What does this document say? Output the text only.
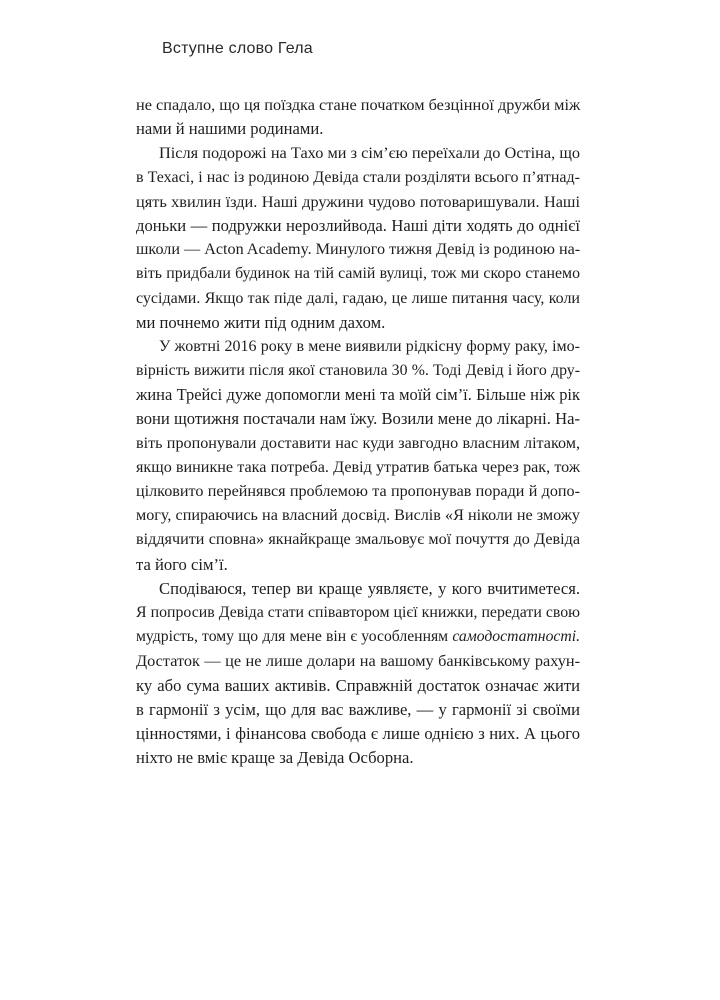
Вступне слово Гела
не спадало, що ця поїздка стане початком безцінної дружби між
нами й нашими родинами.
Після подорожі на Тахо ми з сім’єю переїхали до Остіна, що
в Техасі, і нас із родиною Девіда стали розділяти всього п’ятнад-
цять хвилин їзди. Наші дружини чудово потоваришували. Наші
доньки — подружки нерозлийвода. Наші діти ходять до однієї
школи — Acton Academy. Минулого тижня Девід із родиною на-
віть придбали будинок на тій самій вулиці, тож ми скоро станемо
сусідами. Якщо так піде далі, гадаю, це лише питання часу, коли
ми почнемо жити під одним дахом.
У жовтні 2016 року в мене виявили рідкісну форму раку, імо-
вірність вижити після якої становила 30 %. Тоді Девід і його дру-
жина Трейсі дуже допомогли мені та моїй сім’ї. Більше ніж рік
вони щотижня постачали нам їжу. Возили мене до лікарні. На-
віть пропонували доставити нас куди завгодно власним літаком,
якщо виникне така потреба. Девід утратив батька через рак, тож
цілковито перейнявся проблемою та пропонував поради й допо-
могу, спираючись на власний досвід. Вислів «Я ніколи не зможу
віддячити сповна» якнайкраще змальовує мої почуття до Девіда
та його сім’ї.
Сподіваюся, тепер ви краще уявляєте, у кого вчитиметеся.
Я попросив Девіда стати співавтором цієї книжки, передати свою
мудрість, тому що для мене він є уособленням самодостатності.
Достаток — це не лише долари на вашому банківському рахун-
ку або сума ваших активів. Справжній достаток означає жити
в гармонії з усім, що для вас важливе, — у гармонії зі своїми
цінностями, і фінансова свобода є лише однією з них. А цього
ніхто не вміє краще за Девіда Осборна.
